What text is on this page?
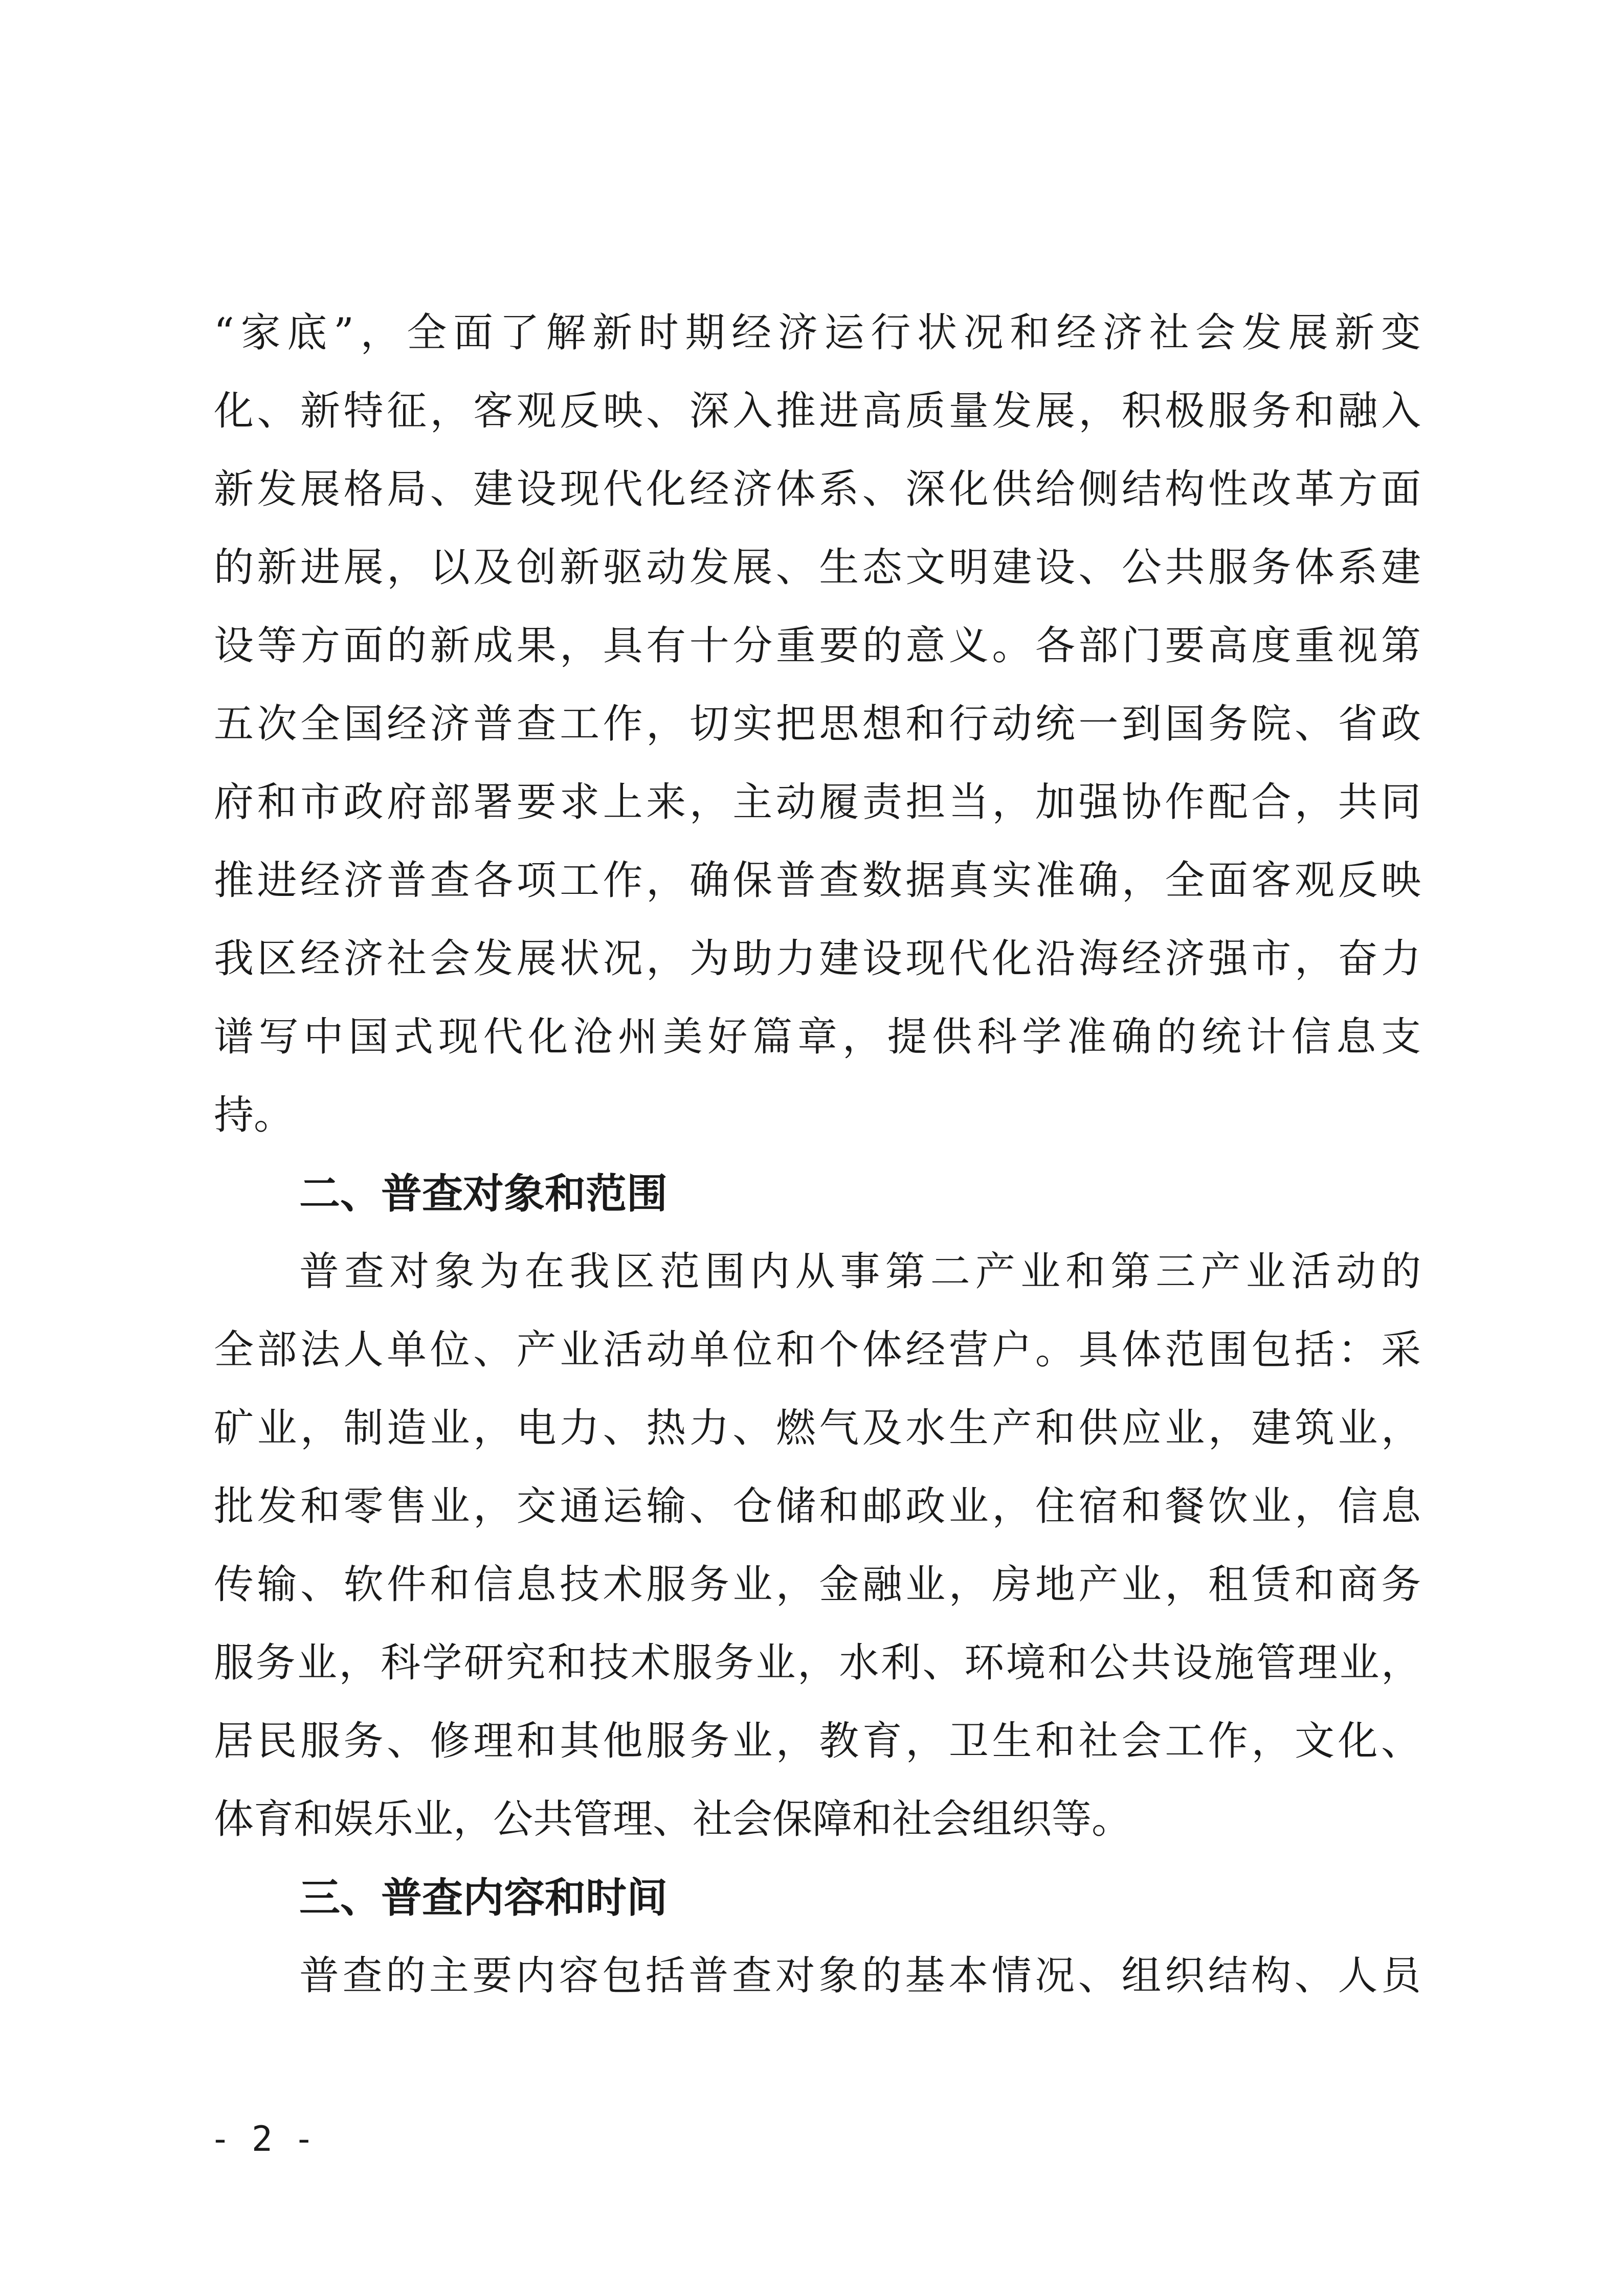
“家底”，全面了解新时期经济运行状况和经济社会发展新变
化、新特征，客观反映、深入推进高质量发展，积极服务和融入
新发展格局、建设现代化经济体系、深化供给侧结构性改革方面
的新进展，以及创新驱动发展、生态文明建设、公共服务体系建
设等方面的新成果，具有十分重要的意义。各部门要高度重视第
五次全国经济普查工作，切实把思想和行动统一到国务院、省政
府和市政府部署要求上来，主动履责担当，加强协作配合，共同
推进经济普查各项工作，确保普查数据真实准确，全面客观反映
我区经济社会发展状况，为助力建设现代化沿海经济强市，奋力
谱写中国式现代化沧州美好篇章，提供科学准确的统计信息支
持。
二、普查对象和范围
普查对象为在我区范围内从事第二产业和第三产业活动的
全部法人单位、产业活动单位和个体经营户。具体范围包括：采
矿业，制造业，电力、热力、燃气及水生产和供应业，建筑业，
批发和零售业，交通运输、仓储和邮政业，住宿和餐饮业，信息
传输、软件和信息技术服务业，金融业，房地产业，租赁和商务
服务业，科学研究和技术服务业，水利、环境和公共设施管理业，
居民服务、修理和其他服务业，教育，卫生和社会工作，文化、
体育和娱乐业，公共管理、社会保障和社会组织等。
三、普查内容和时间
普查的主要内容包括普查对象的基本情况、组织结构、人员
- 2 -
